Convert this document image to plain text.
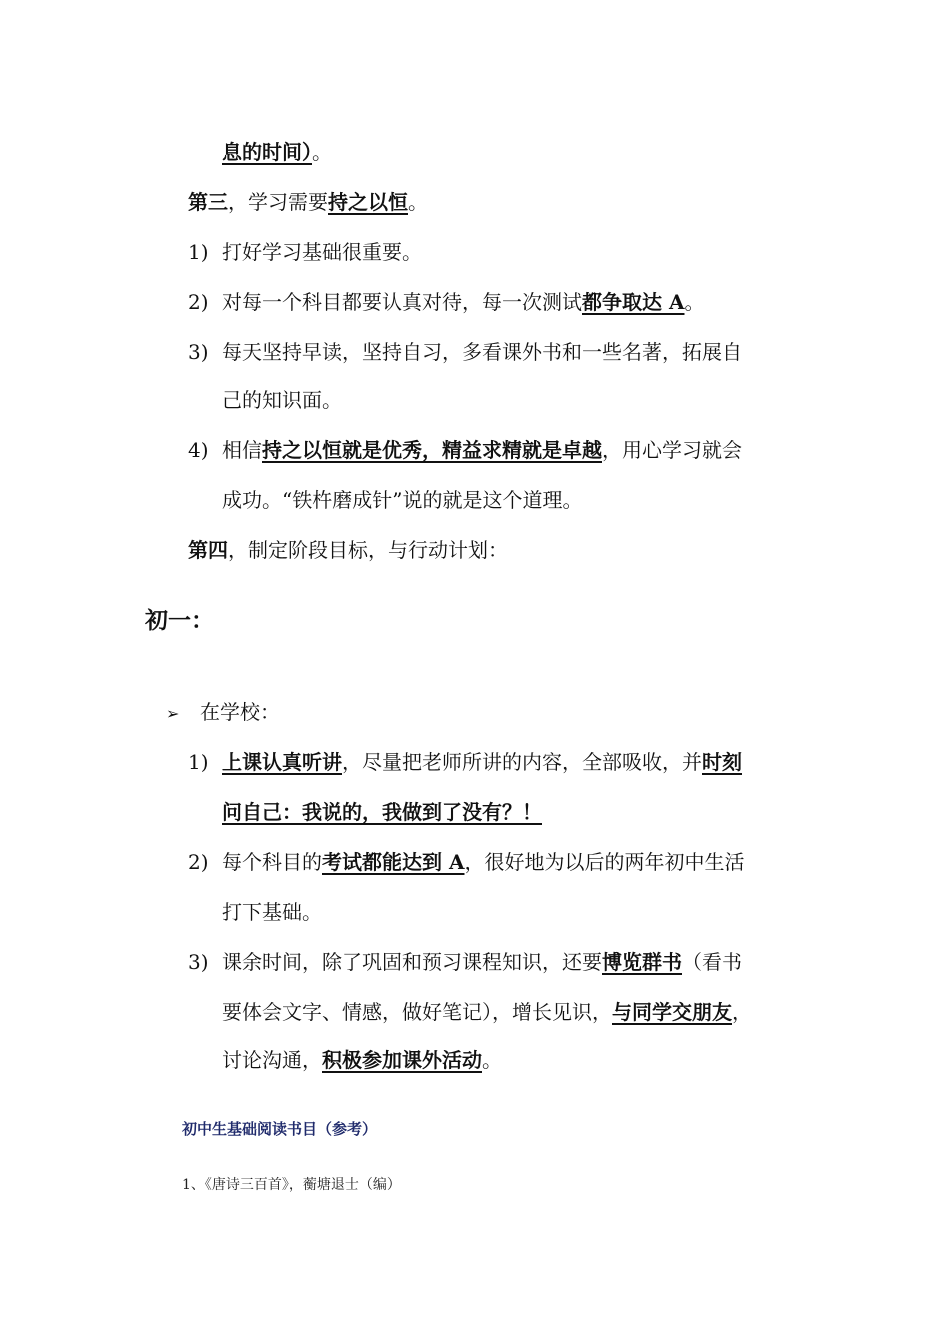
息的时间）。
第三，学习需要持之以恒。
1) 打好学习基础很重要。
2) 对每一个科目都要认真对待，每一次测试都争取达 A。
3) 每天坚持早读，坚持自习，多看课外书和一些名著，拓展自
己的知识面。
4) 相信持之以恒就是优秀，精益求精就是卓越，用心学习就会
成功。“铁杵磨成针”说的就是这个道理。
第四，制定阶段目标，与行动计划：
初一：
➢ 在学校：
1) 上课认真听讲，尽量把老师所讲的内容，全部吸收，并时刻
问自己：我说的，我做到了没有？！
2) 每个科目的考试都能达到 A，很好地为以后的两年初中生活
打下基础。
3) 课余时间，除了巩固和预习课程知识，还要博览群书（看书
要体会文字、情感，做好笔记），增长见识，与同学交朋友，
讨论沟通，积极参加课外活动。
初中生基础阅读书目（参考）
1、《唐诗三百首》，蘅塘退士（编）
